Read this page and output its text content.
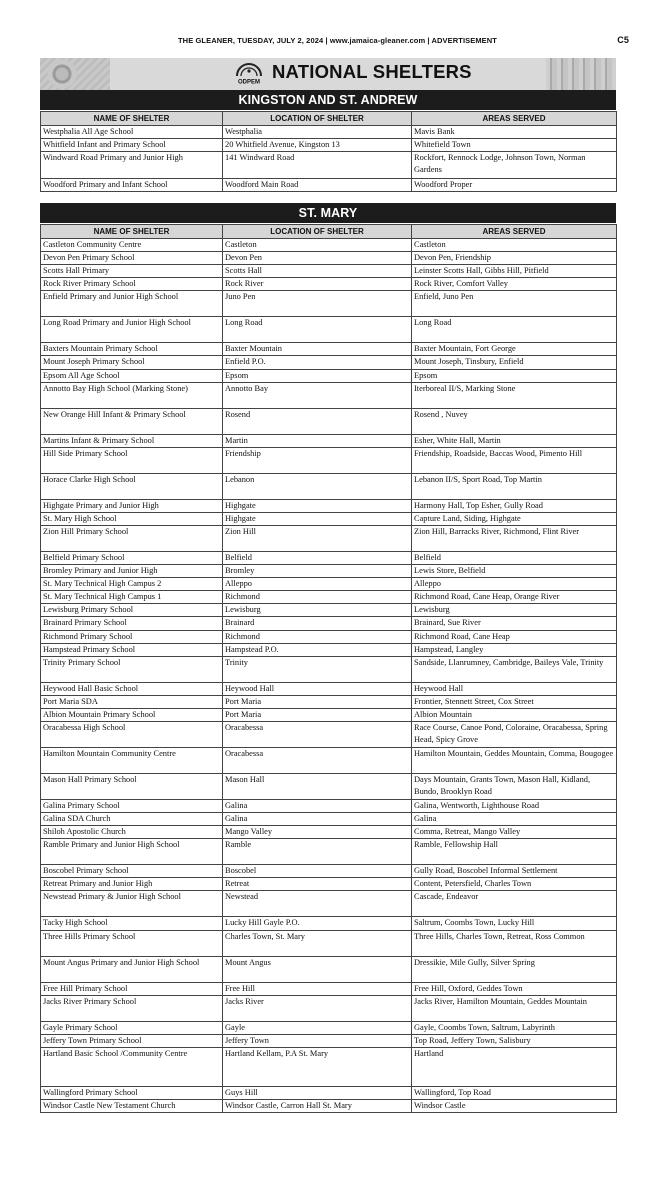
THE GLEANER, TUESDAY, JULY 2, 2024 | www.jamaica-gleaner.com | ADVERTISEMENT	C5
ODPEM
NATIONAL SHELTERS
KINGSTON AND ST. ANDREW
NAME OF SHELTER	LOCATION OF SHELTER	AREAS SERVED
Westphalia All Age School	Westphalia	Mavis Bank
Whitfield Infant and Primary School	20 Whitfield Avenue, Kingston 13	Whitefield Town
Windward Road Primary and Junior High	141 Windward Road	Rockfort, Rennock Lodge, Johnson Town, Norman Gardens
Woodford Primary and Infant School	Woodford Main Road	Woodford Proper
ST. MARY
NAME OF SHELTER	LOCATION OF SHELTER	AREAS SERVED
Castleton Community Centre	Castleton	Castleton
Devon Pen Primary School	Devon Pen	Devon Pen, Friendship
Scotts Hall Primary	Scotts Hall	Leinster Scotts Hall, Gibbs Hill, Pitfield
Rock River Primary School	Rock River	Rock River, Comfort Valley
Enfield Primary and Junior High School	Juno Pen	Enfield, Juno Pen
Long Road Primary and Junior High School	Long Road	Long Road
Baxters Mountain Primary School	Baxter Mountain	Baxter Mountain, Fort George
Mount Joseph Primary School	Enfield P.O.	Mount Joseph, Tinsbury, Enfield
Epsom All Age School	Epsom	Epsom
Annotto Bay High School (Marking Stone)	Annotto Bay	Iterboreal II/S, Marking Stone
New Orange Hill Infant & Primary School	Rosend	Rosend , Nuvey
Martins Infant & Primary School	Martin	Esher, White Hall, Martin
Hill Side Primary School	Friendship	Friendship, Roadside, Baccas Wood, Pimento Hill
Horace Clarke High School	Lebanon	Lebanon II/S, Sport Road, Top Martin
Highgate Primary and Junior High	Highgate	Harmony Hall, Top Esher, Gully Road
St. Mary High School	Highgate	Capture Land, Siding, Highgate
Zion Hill Primary School	Zion Hill	Zion Hill, Barracks River, Richmond, Flint River
Belfield Primary School	Belfield	Belfield
Bromley Primary and Junior High	Bromley	Lewis Store, Belfield
St. Mary Technical High Campus 2	Alleppo	Alleppo
St. Mary Technical High Campus 1	Richmond	Richmond Road, Cane Heap, Orange River
Lewisburg Primary School	Lewisburg	Lewisburg
Brainard Primary School	Brainard	Brainard, Sue River
Richmond Primary School	Richmond	Richmond Road, Cane Heap
Hampstead Primary School	Hampstead P.O.	Hampstead, Langley
Trinity Primary School	Trinity	Sandside, Llanrumney, Cambridge, Baileys Vale, Trinity
Heywood Hall Basic School	Heywood Hall	Heywood Hall
Port Maria SDA	Port Maria	Frontier, Stennett Street, Cox Street
Albion Mountain Primary School	Port Maria	Albion Mountain
Oracabessa High School	Oracabessa	Race Course, Canoe Pond, Coloraine, Oracabessa, Spring Head, Spicy Grove
Hamilton Mountain Community Centre	Oracabessa	Hamilton Mountain, Geddes Mountain, Comma, Bougogee
Mason Hall Primary School	Mason Hall	Days Mountain, Grants Town, Mason Hall, Kidland, Bundo, Brooklyn Road
Galina Primary School	Galina	Galina, Wentworth, Lighthouse Road
Galina SDA Church	Galina	Galina
Shiloh Apostolic Church	Mango Valley	Comma, Retreat, Mango Valley
Ramble Primary and Junior High School	Ramble	Ramble, Fellowship Hall
Boscobel Primary School	Boscobel	Gully Road, Boscobel Informal Settlement
Retreat Primary and Junior High	Retreat	Content, Petersfield, Charles Town
Newstead Primary & Junior High School	Newstead	Cascade, Endeavor
Tacky High School	Lucky Hill Gayle P.O.	Saltrum, Coombs Town, Lucky Hill
Three Hills Primary School	Charles Town, St. Mary	Three Hills, Charles Town, Retreat, Ross Common
Mount Angus Primary and Junior High School	Mount Angus	Dressikie, Mile Gully, Silver Spring
Free Hill Primary School	Free Hill	Free Hill, Oxford, Geddes Town
Jacks River Primary School	Jacks River	Jacks River, Hamilton Mountain, Geddes Mountain
Gayle Primary School	Gayle	Gayle, Coombs Town, Saltrum, Labyrinth
Jeffery Town Primary School	Jeffery Town	Top Road, Jeffery Town, Salisbury
Hartland Basic School /Community Centre	Hartland Kellam, P.A St. Mary	Hartland
Wallingford Primary School	Guys Hill	Wallingford, Top Road
Windsor Castle New Testament Church	Windsor Castle, Carron Hall St. Mary	Windsor Castle
